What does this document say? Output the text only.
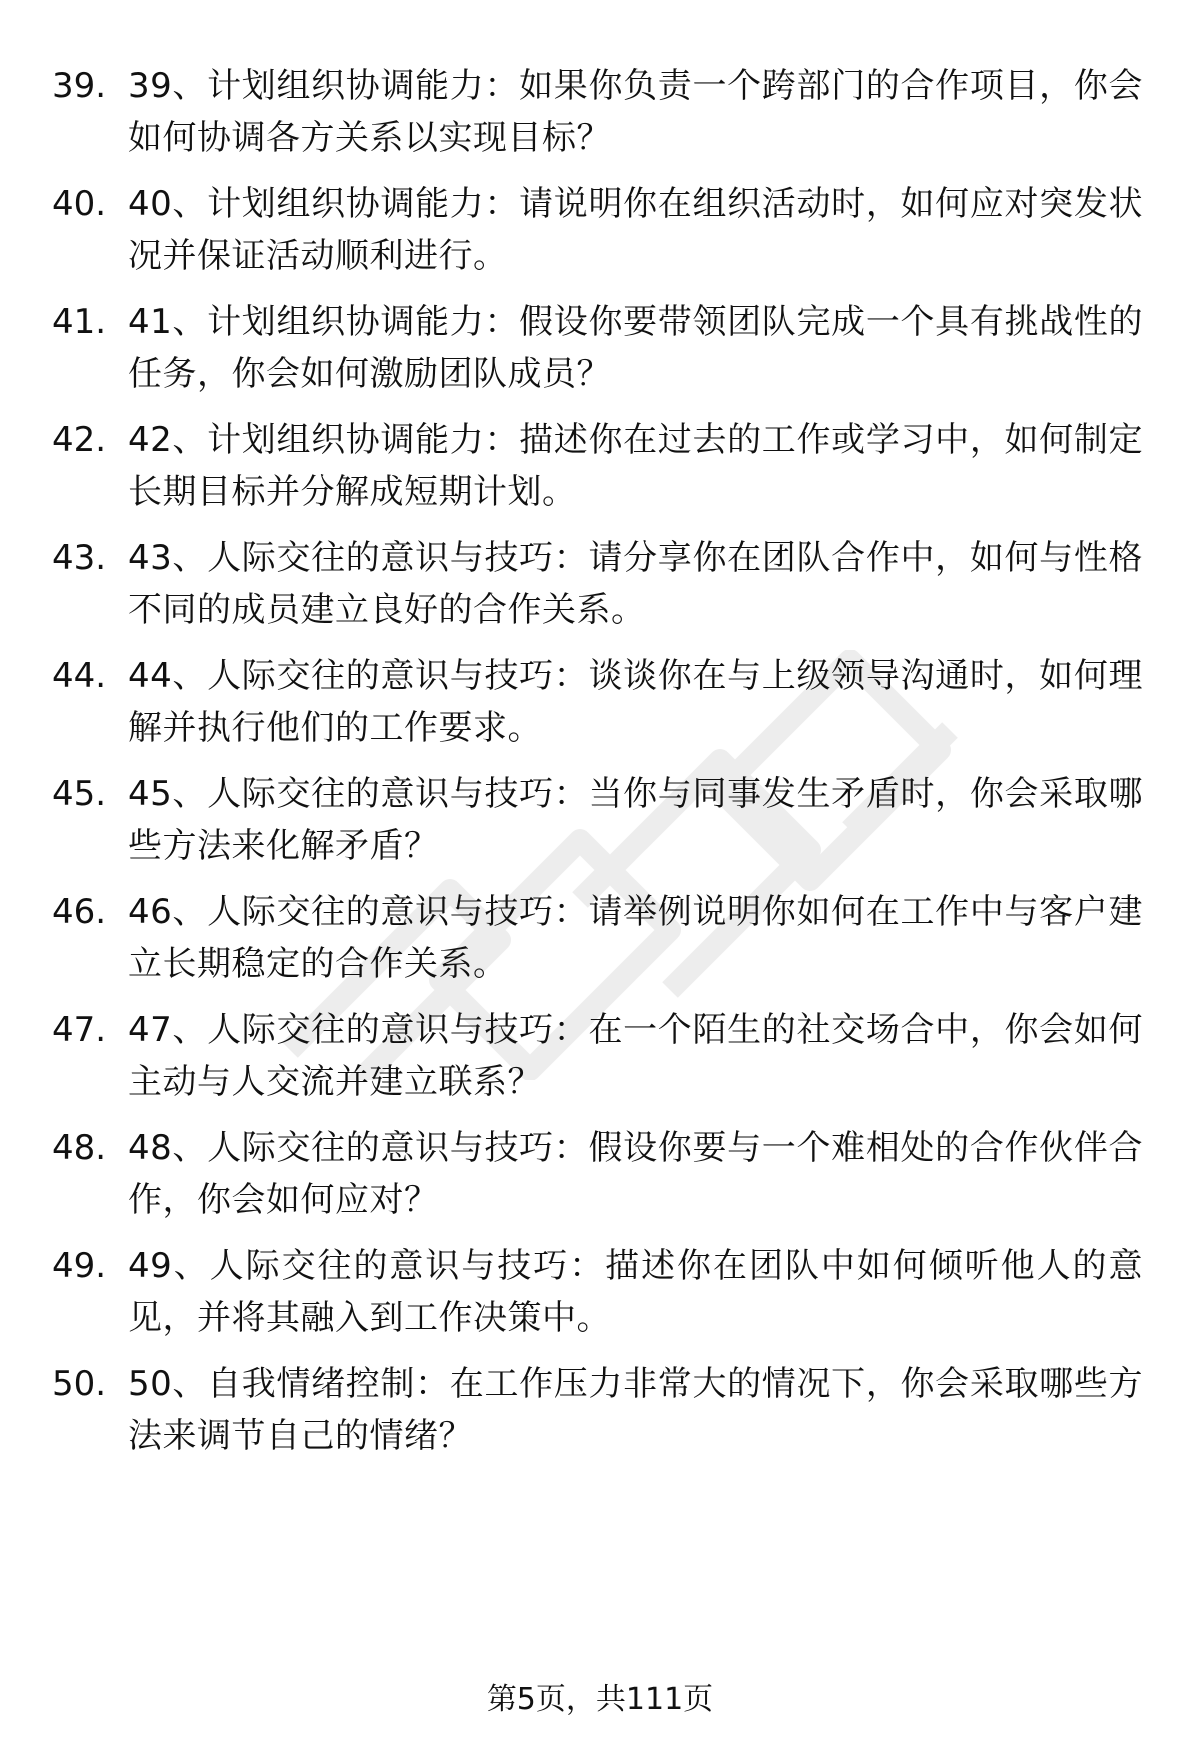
39. 39、计划组织协调能力：如果你负责一个跨部门的合作项目，你会如何协调各方关系以实现目标？
40. 40、计划组织协调能力：请说明你在组织活动时，如何应对突发状况并保证活动顺利进行。
41. 41、计划组织协调能力：假设你要带领团队完成一个具有挑战性的任务，你会如何激励团队成员？
42. 42、计划组织协调能力：描述你在过去的工作或学习中，如何制定长期目标并分解成短期计划。
43. 43、人际交往的意识与技巧：请分享你在团队合作中，如何与性格不同的成员建立良好的合作关系。
44. 44、人际交往的意识与技巧：谈谈你在与上级领导沟通时，如何理解并执行他们的工作要求。
45. 45、人际交往的意识与技巧：当你与同事发生矛盾时，你会采取哪些方法来化解矛盾？
46. 46、人际交往的意识与技巧：请举例说明你如何在工作中与客户建立长期稳定的合作关系。
47. 47、人际交往的意识与技巧：在一个陌生的社交场合中，你会如何主动与人交流并建立联系？
48. 48、人际交往的意识与技巧：假设你要与一个难相处的合作伙伴合作，你会如何应对？
49. 49、人际交往的意识与技巧：描述你在团队中如何倾听他人的意见，并将其融入到工作决策中。
50. 50、自我情绪控制：在工作压力非常大的情况下，你会采取哪些方法来调节自己的情绪？
第5页，共111页
